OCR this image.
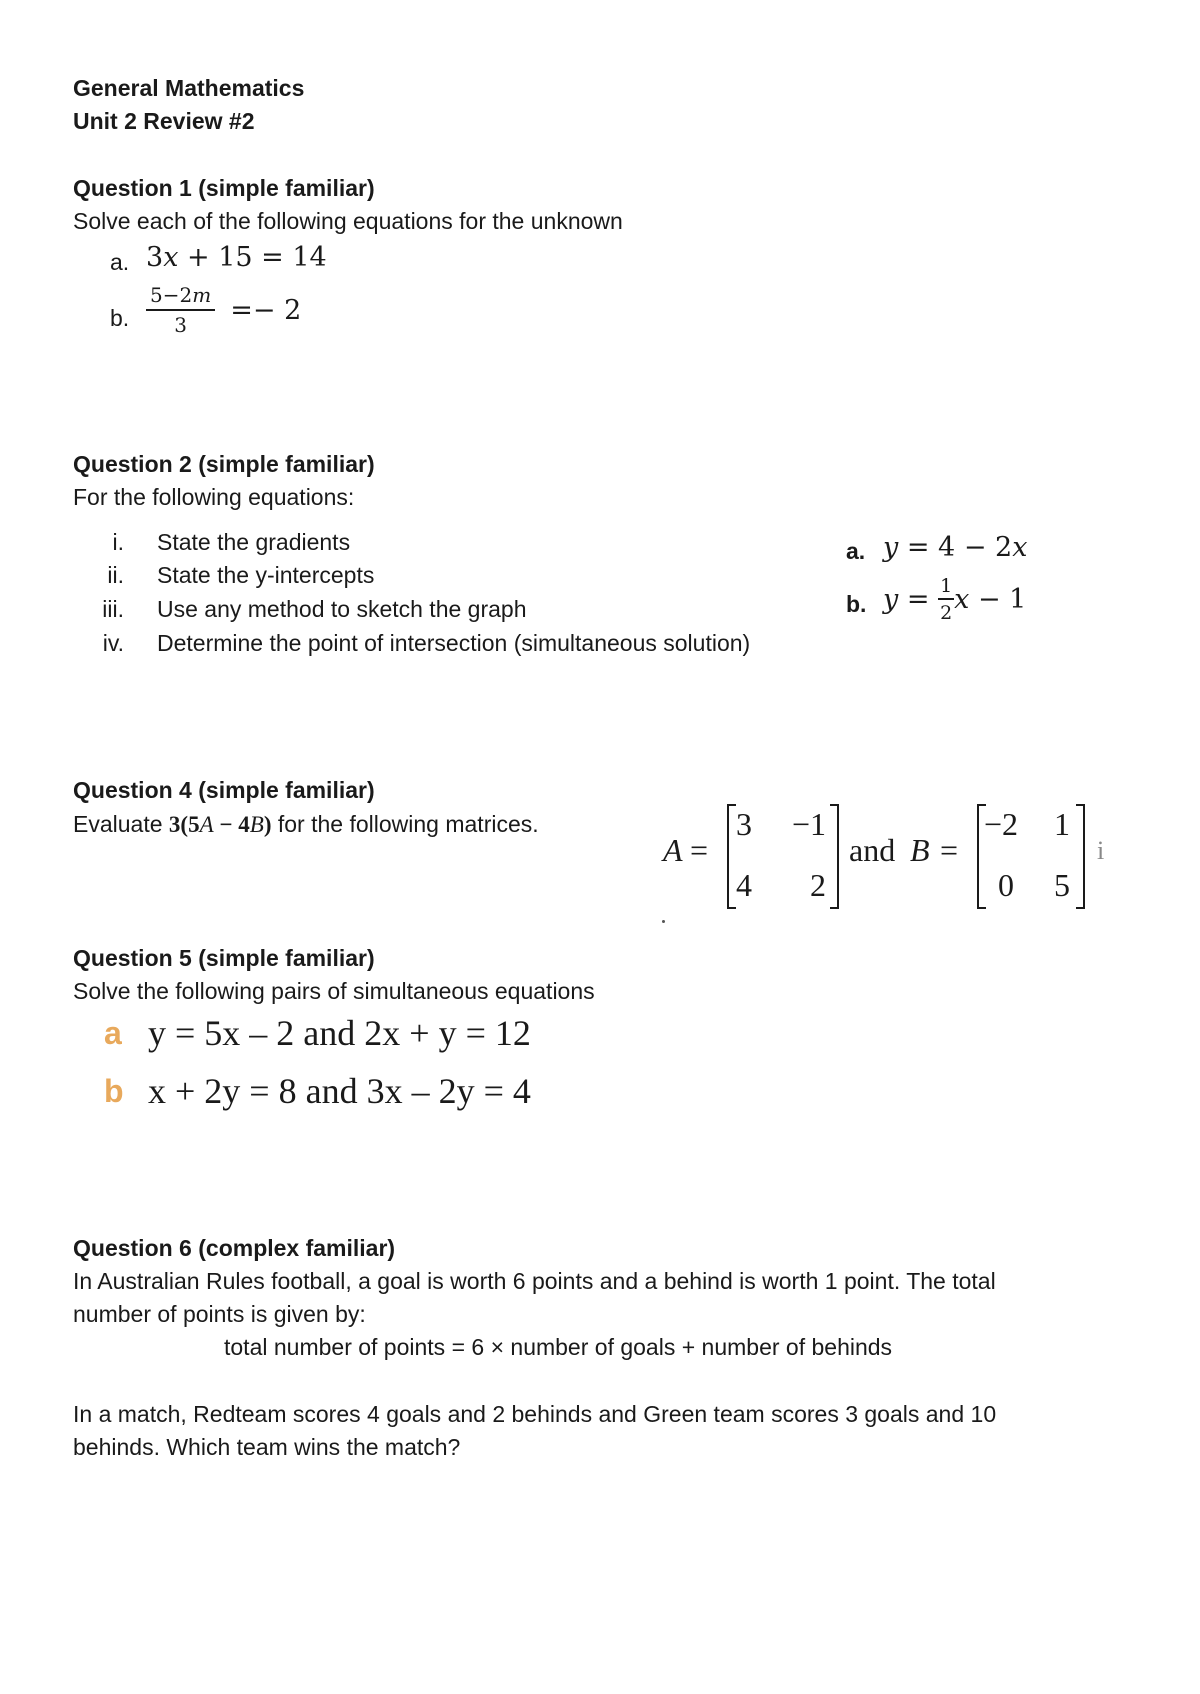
General Mathematics
Unit 2 Review #2
Question 1 (simple familiar)
Solve each of the following equations for the unknown
a. 3x + 15 = 14
b. $\frac{5-2m}{3} =- 2$
Question 2 (simple familiar)
For the following equations:
i. State the gradients
ii. State the y-intercepts
iii. Use any method to sketch the graph
iv. Determine the point of intersection (simultaneous solution)
a. y = 4 − 2x
b. $y = \frac{1}{2}$ x − 1
Question 4 (simple familiar)
Evaluate 3(5A − 4B) for the following matrices.
A =
3	−1
4	2
and B =
−2	1
0	5
i
Question 5 (simple familiar)
Solve the following pairs of simultaneous equations
a y = 5x – 2 and 2x + y = 12
b x + 2y = 8 and 3x – 2y = 4
Question 6 (complex familiar)
In Australian Rules football, a goal is worth 6 points and a behind is worth 1 point. The total
number of points is given by:
total number of points = 6 × number of goals + number of behinds
In a match, Redteam scores 4 goals and 2 behinds and Green team scores 3 goals and 10
behinds. Which team wins the match?
